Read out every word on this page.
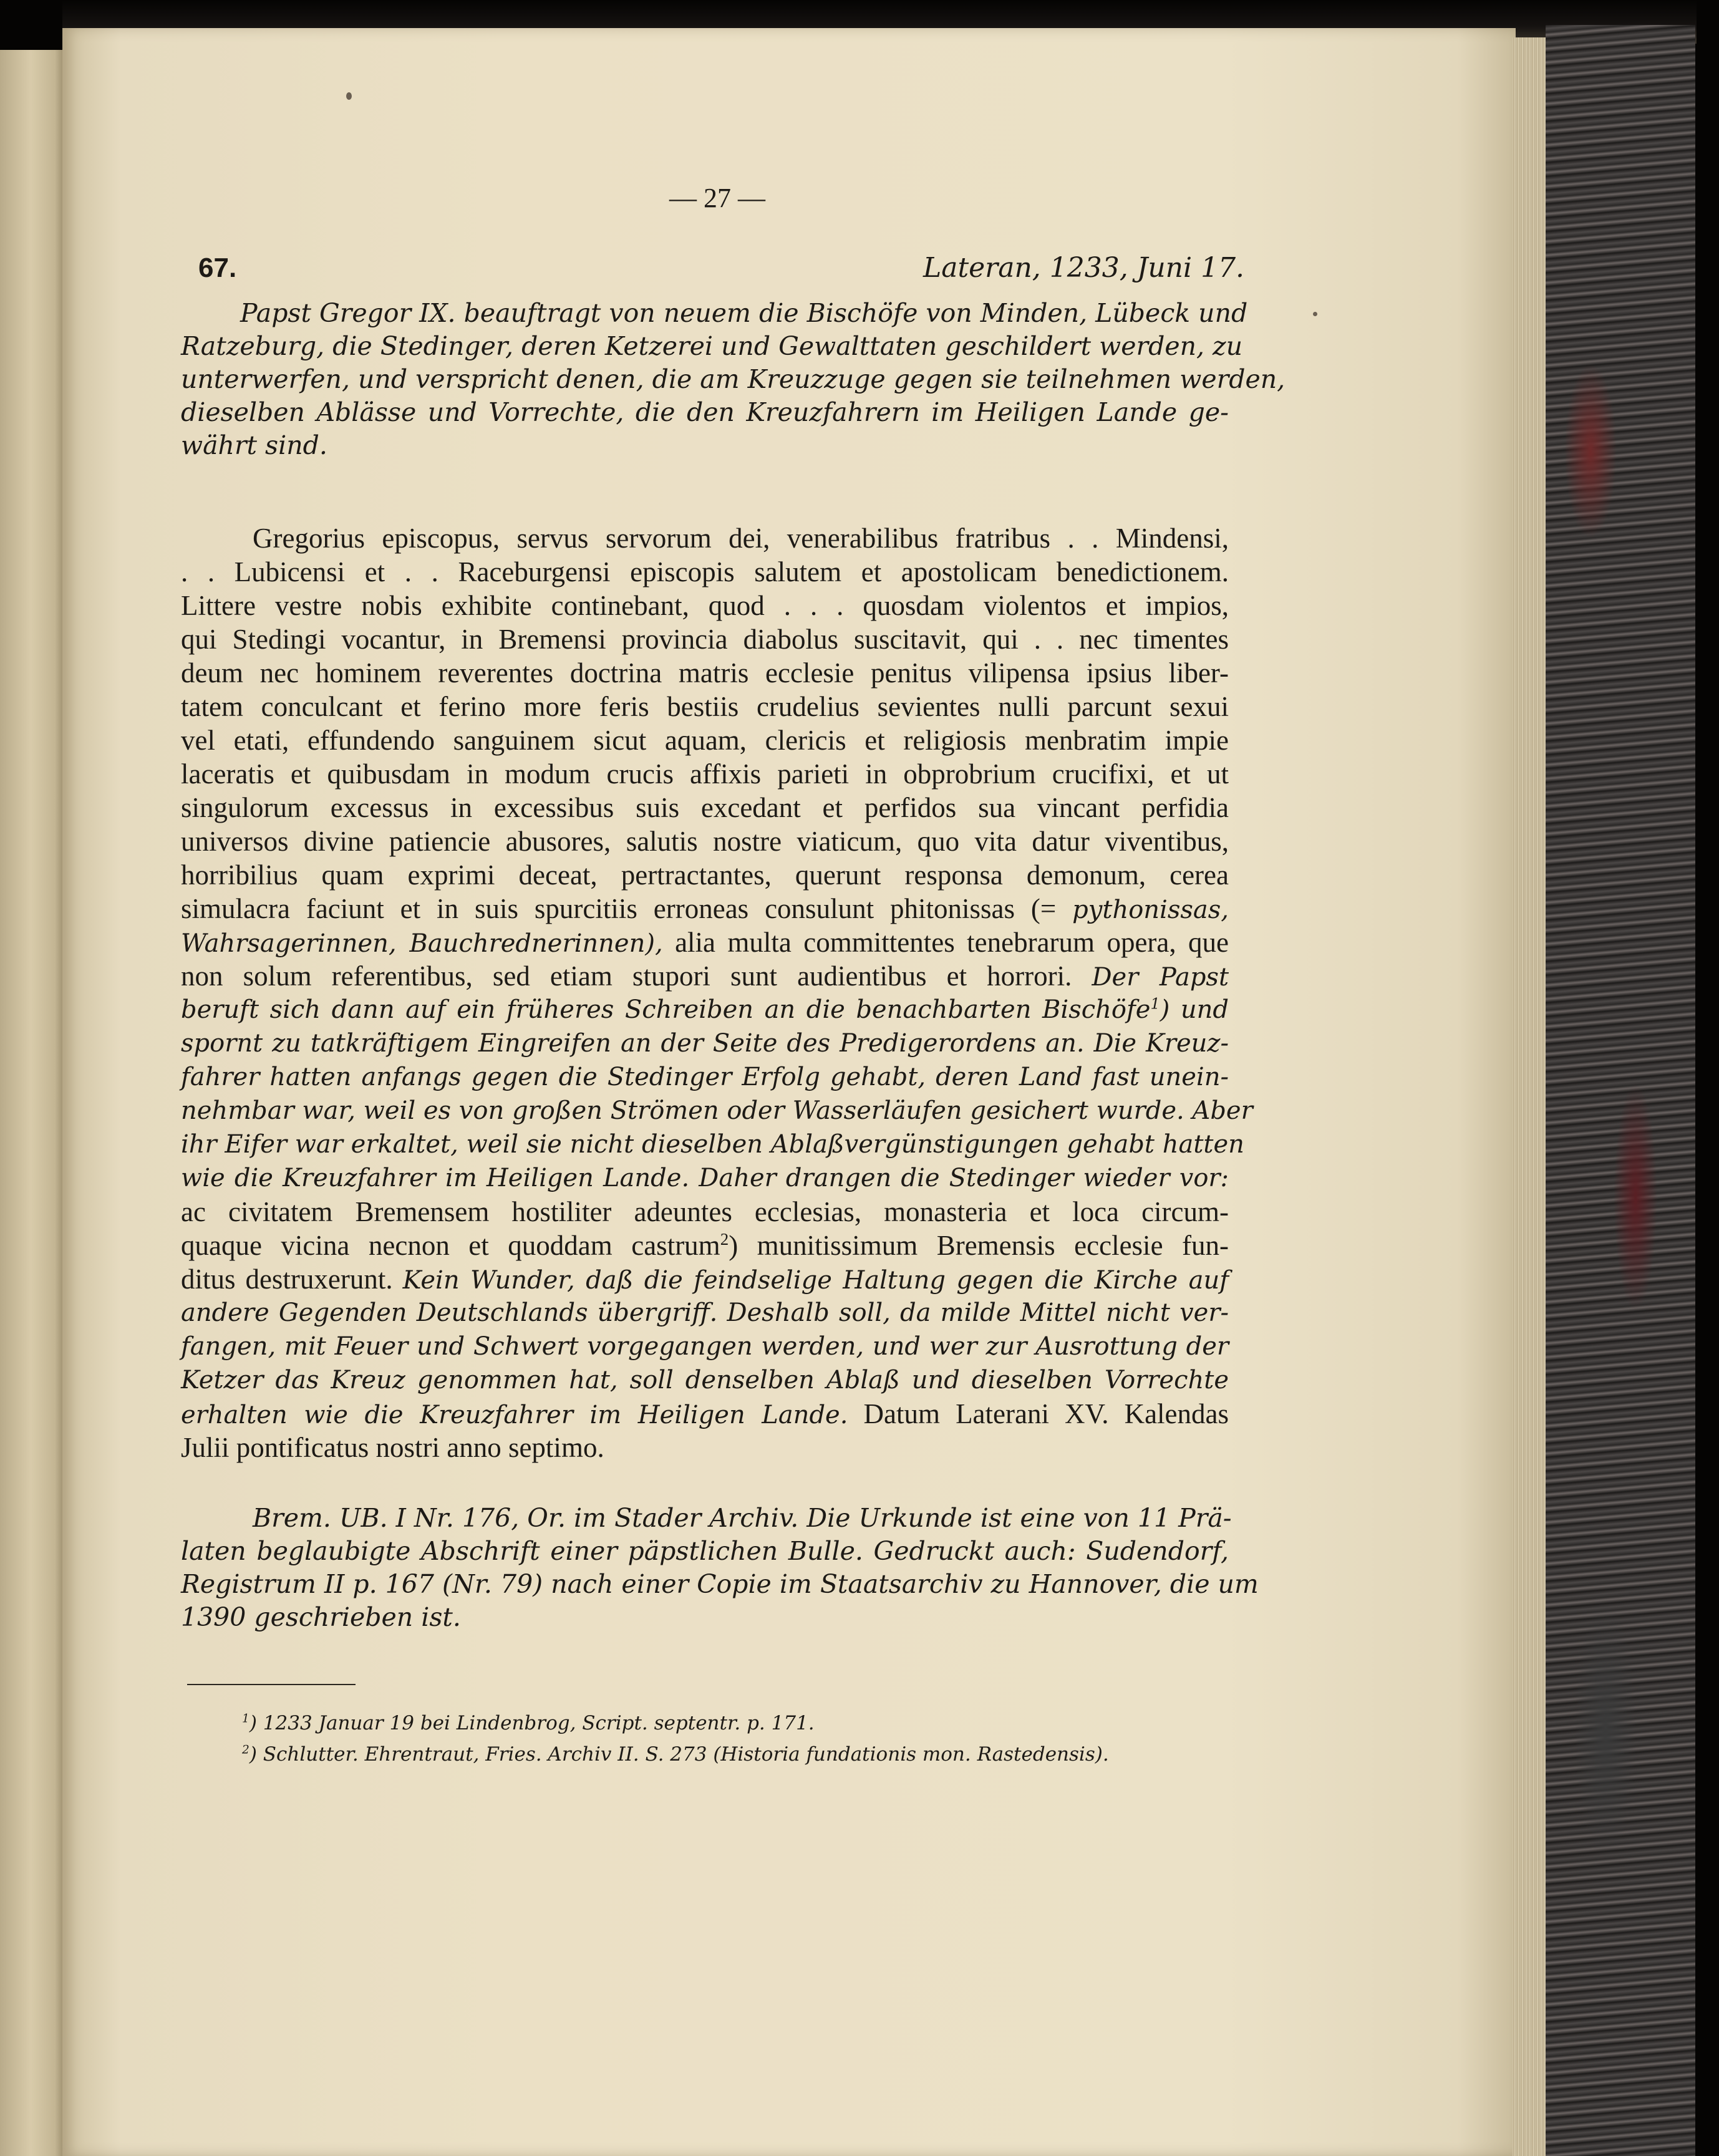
— 27 —
67.	Lateran, 1233, Juni 17.
Papst Gregor IX. beauftragt von neuem die Bischöfe von Minden, Lübeck und
Ratzeburg, die Stedinger, deren Ketzerei und Gewalttaten geschildert werden, zu
unterwerfen, und verspricht denen, die am Kreuzzuge gegen sie teilnehmen werden,
dieselben Ablässe und Vorrechte, die den Kreuzfahrern im Heiligen Lande ge-
währt sind.
Gregorius episcopus, servus servorum dei, venerabilibus fratribus . . Mindensi,
. . Lubicensi et . . Raceburgensi episcopis salutem et apostolicam benedictionem.
Littere vestre nobis exhibite continebant, quod . . . quosdam violentos et impios,
qui Stedingi vocantur, in Bremensi provincia diabolus suscitavit, qui . . nec timentes
deum nec hominem reverentes doctrina matris ecclesie penitus vilipensa ipsius liber-
tatem conculcant et ferino more feris bestiis crudelius sevientes nulli parcunt sexui
vel etati, effundendo sanguinem sicut aquam, clericis et religiosis menbratim impie
laceratis et quibusdam in modum crucis affixis parieti in obprobrium crucifixi, et ut
singulorum excessus in excessibus suis excedant et perfidos sua vincant perfidia
universos divine patiencie abusores, salutis nostre viaticum, quo vita datur viventibus,
horribilius quam exprimi deceat, pertractantes, querunt responsa demonum, cerea
simulacra faciunt et in suis spurcitiis erroneas consulunt phitonissas (= pythonissas,
Wahrsagerinnen, Bauchrednerinnen), alia multa committentes tenebrarum opera, que
non solum referentibus, sed etiam stupori sunt audientibus et horrori. Der Papst
beruft sich dann auf ein früheres Schreiben an die benachbarten Bischöfe$^1$) und
spornt zu tatkräftigem Eingreifen an der Seite des Predigerordens an. Die Kreuz-
fahrer hatten anfangs gegen die Stedinger Erfolg gehabt, deren Land fast unein-
nehmbar war, weil es von großen Strömen oder Wasserläufen gesichert wurde. Aber
ihr Eifer war erkaltet, weil sie nicht dieselben Ablaßvergünstigungen gehabt hatten
wie die Kreuzfahrer im Heiligen Lande. Daher drangen die Stedinger wieder vor:
ac civitatem Bremensem hostiliter adeuntes ecclesias, monasteria et loca circum-
quaque vicina necnon et quoddam castrum$^2$) munitissimum Bremensis ecclesie fun-
ditus destruxerunt. Kein Wunder, daß die feindselige Haltung gegen die Kirche auf
andere Gegenden Deutschlands übergriff. Deshalb soll, da milde Mittel nicht ver-
fangen, mit Feuer und Schwert vorgegangen werden, und wer zur Ausrottung der
Ketzer das Kreuz genommen hat, soll denselben Ablaß und dieselben Vorrechte
erhalten wie die Kreuzfahrer im Heiligen Lande. Datum Laterani XV. Kalendas
Julii pontificatus nostri anno septimo.
Brem. UB. I Nr. 176, Or. im Stader Archiv. Die Urkunde ist eine von 11 Prä-
laten beglaubigte Abschrift einer päpstlichen Bulle. Gedruckt auch: Sudendorf,
Registrum II p. 167 (Nr. 79) nach einer Copie im Staatsarchiv zu Hannover, die um
1390 geschrieben ist.
$^1$) 1233 Januar 19 bei Lindenbrog, Script. septentr. p. 171.
$^2$) Schlutter. Ehrentraut, Fries. Archiv II. S. 273 (Historia fundationis mon. Rastedensis).
